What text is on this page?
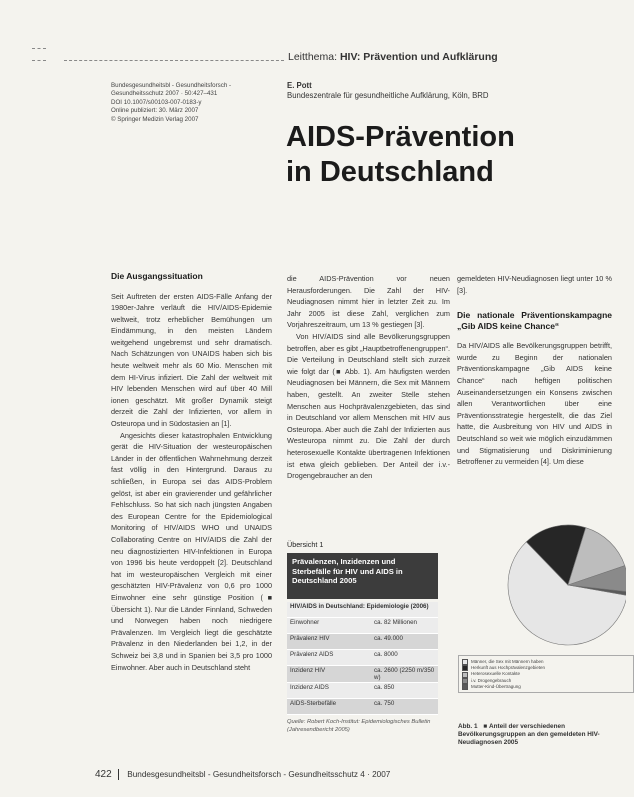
Leitthema: HIV: Prävention und Aufklärung
Bundesgesundheitsbl - Gesundheitsforsch -
Gesundheitsschutz 2007 · 50:427–431
DOI 10.1007/s00103-007-0183-y
Online publiziert: 30. März 2007
© Springer Medizin Verlag 2007
E. Pott
Bundeszentrale für gesundheitliche Aufklärung, Köln, BRD
AIDS-Prävention
in Deutschland
Die Ausgangssituation

Seit Auftreten der ersten AIDS-Fälle Anfang der 1980er-Jahre verläuft die HIV/AIDS-Epidemie weltweit, trotz erheblicher Bemühungen um Eindämmung, in den meisten Ländern weitgehend ungebremst und sehr dramatisch. Nach Schätzungen von UNAIDS haben sich bis heute weltweit mehr als 60 Mio. Menschen mit dem HI-Virus infiziert. Die Zahl der weltweit mit HIV lebenden Menschen wird auf über 40 Mill ionen geschätzt. Mit großer Dynamik steigt derzeit die Zahl der Infizierten, vor allem in Osteuropa und in Südostasien an [1].

Angesichts dieser katastrophalen Entwicklung gerät die HIV-Situation der westeuropäischen Länder in der öffentlichen Wahrnehmung derzeit fast völlig in den Hintergrund. Daraus zu schließen, in Europa sei das AIDS-Problem gelöst, ist aber ein gravierender und gefährlicher Fehlschluss. So hat sich nach jüngsten Angaben des European Centre for the Epidemiological Monitoring of HIV/AIDS WHO und UNAIDS Collaborating Centre on HIV/AIDS die Zahl der neu diagnostizierten HIV-Infektionen in Europa von 1996 bis heute verdoppelt [2]. Deutschland hat im westeuropäischen Vergleich mit einer geschätzten HIV-Prävalenz von 0,6 pro 1000 Einwohner eine sehr günstige Position (■ Übersicht 1). Nur die Länder Finnland, Schweden und Norwegen haben noch niedrigere Prävalenzen. Im Vergleich liegt die geschätzte Prävalenz in den Niederlanden bei 1,2, in der Schweiz bei 3,8 und in Spanien bei 3,5 pro 1000 Einwohner. Aber auch in Deutschland steht

die AIDS-Prävention vor neuen Herausforderungen. Die Zahl der HIV-Neudiagnosen nimmt hier in letzter Zeit zu. Im Jahr 2005 ist diese Zahl, verglichen zum Vorjahreszeitraum, um 13 % gestiegen [3].

Von HIV/AIDS sind alle Bevölkerungsgruppen betroffen, aber es gibt „Hauptbetroffenengruppen“. Die Verteilung in Deutschland stellt sich zurzeit wie folgt dar (■ Abb. 1). Am häufigsten werden Neudiagnosen bei Männern, die Sex mit Männern haben, gestellt. An zweiter Stelle stehen Menschen aus Hochprävalenzgebieten, das sind in Deutschland vor allem Menschen mit HIV aus Osteuropa. Aber auch die Zahl der Infizierten aus Westeuropa nimmt zu. Die Zahl der durch heterosexuelle Kontakte übertragenen Infektionen ist etwa gleich geblieben. Der Anteil der i.v.-Drogengebraucher an den

gemeldeten HIV-Neudiagnosen liegt unter 10 % [3].

Die nationale Präventionskampagne „Gib AIDS keine Chance“

Da HIV/AIDS alle Bevölkerungsgruppen betrifft, wurde zu Beginn der nationalen Präventionskampagne „Gib AIDS keine Chance“ nach heftigen politischen Auseinandersetzungen ein Konsens zwischen allen Verantwortlichen über eine Präventionsstrategie hergestellt, die das Ziel hatte, die Ausbreitung von HIV und AIDS in Deutschland so weit wie möglich einzudämmen und Stigmatisierung und Diskriminierung Betroffener zu vermeiden [4]. Um diese

Übersicht 1
Prävalenzen, Inzidenzen und Sterbefälle für HIV und AIDS in Deutschland 2005
HIV/AIDS in Deutschland: Epidemiologie (2006)	
Einwohner	ca. 82 Millionen
Prävalenz HIV	ca. 49.000
Prävalenz AIDS	ca. 8000
Inzidenz HIV	ca. 2600 (2250 m/350 w)
Inzidenz AIDS	ca. 850
AIDS-Sterbefälle	ca. 750
Quelle: Robert Koch-Institut: Epidemiologisches Bulletin (Jahresendbericht 2005)
Männer, die Sex mit Männern haben
Herkunft aus Hochprävalenzgebieten
Heterosexuelle Kontakte
i.v. Drogengebrauch
Mutter-Kind-Übertragung
Abb. 1 ■ Anteil der verschiedenen Bevölkerungsgruppen an den gemeldeten HIV-Neudiagnosen 2005
422 Bundesgesundheitsbl - Gesundheitsforsch - Gesundheitsschutz 4 · 2007
